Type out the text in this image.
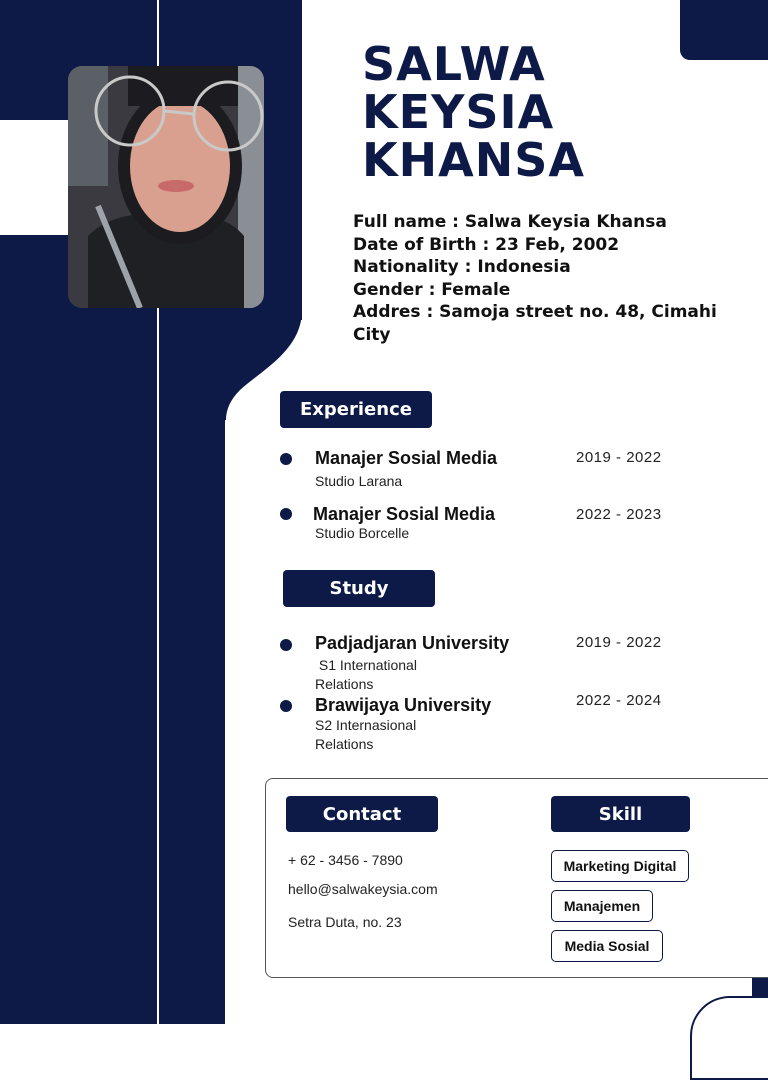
SALWA
KEYSIA
KHANSA
Full name : Salwa Keysia Khansa
Date of Birth : 23 Feb, 2002
Nationality : Indonesia
Gender : Female
Addres : Samoja street no. 48, Cimahi
City
Experience
Manajer Sosial Media
Studio Larana
2019 - 2022
Manajer Sosial Media
Studio Borcelle
2022 - 2023
Study
Padjadjaran University
S1 International
Relations
2019 - 2022
Brawijaya University
S2 Internasional
Relations
2022 - 2024
Contact
+ 62 - 3456 - 7890
hello@salwakeysia.com
Setra Duta, no. 23
Skill
Marketing Digital
Manajemen
Media Sosial
